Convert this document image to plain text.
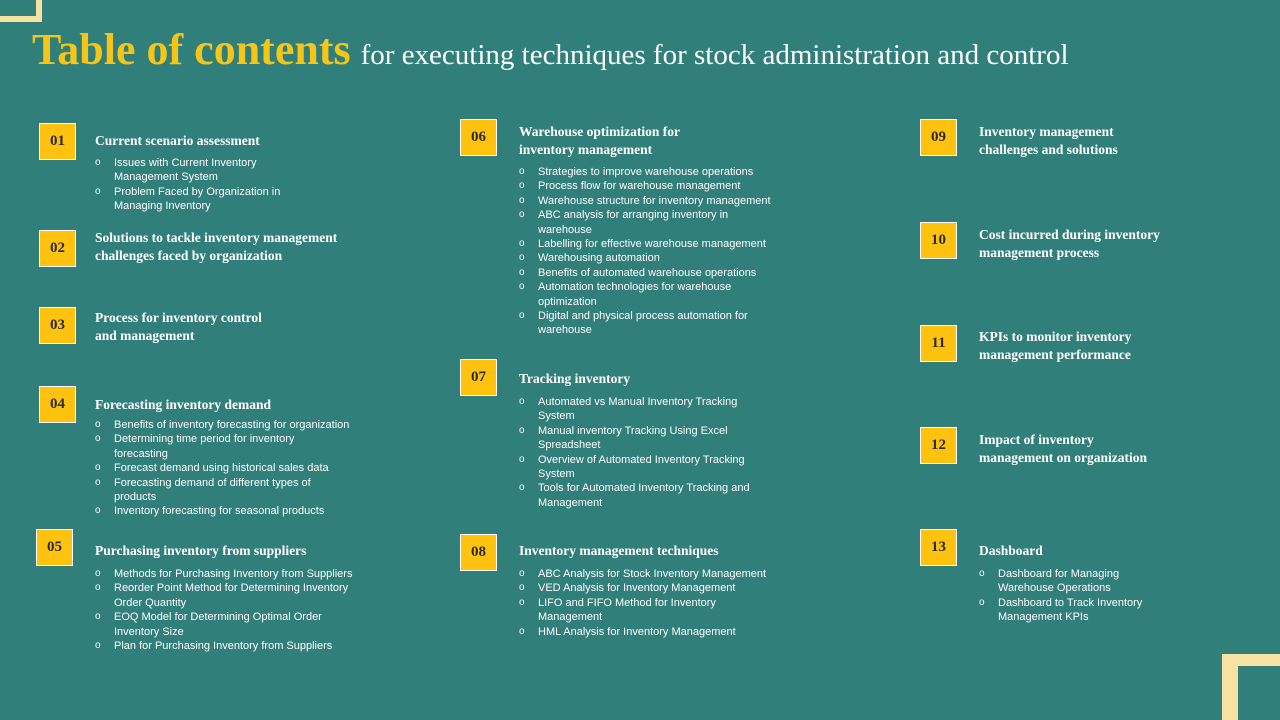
Table of contents for executing techniques for stock administration and control
01	Current scenario assessment
o Issues with Current Inventory
Management System
o Problem Faced by Organization in
Managing Inventory
02
Solutions to tackle inventory management
challenges faced by organization
03	Process for inventory control
and management
04	Forecasting inventory demand
o Benefits of inventory forecasting for organization
o Determining time period for inventory
forecasting
o Forecast demand using historical sales data
o Forecasting demand of different types of
products
o Inventory forecasting for seasonal products
05	Purchasing inventory from suppliers
o Methods for Purchasing Inventory from Suppliers
o Reorder Point Method for Determining Inventory
Order Quantity
o EOQ Model for Determining Optimal Order
Inventory Size
o Plan for Purchasing Inventory from Suppliers
06	Warehouse optimization for
inventory management
o Strategies to improve warehouse operations
o Process flow for warehouse management
o Warehouse structure for inventory management
o ABC analysis for arranging inventory in
warehouse
o Labelling for effective warehouse management
o Warehousing automation
o Benefits of automated warehouse operations
o Automation technologies for warehouse
optimization
o Digital and physical process automation for
warehouse
07	Tracking inventory
o Automated vs Manual Inventory Tracking
System
o Manual inventory Tracking Using Excel
Spreadsheet
o Overview of Automated Inventory Tracking
System
o Tools for Automated Inventory Tracking and
Management
08	Inventory management techniques
o ABC Analysis for Stock Inventory Management
o VED Analysis for Inventory Management
o LIFO and FIFO Method for Inventory
Management
o HML Analysis for Inventory Management
09	Inventory management
challenges and solutions
10	Cost incurred during inventory
management process
11	KPIs to monitor inventory
management performance
12	Impact of inventory
management on organization
13	Dashboard
o Dashboard for Managing
Warehouse Operations
o Dashboard to Track Inventory
Management KPIs
